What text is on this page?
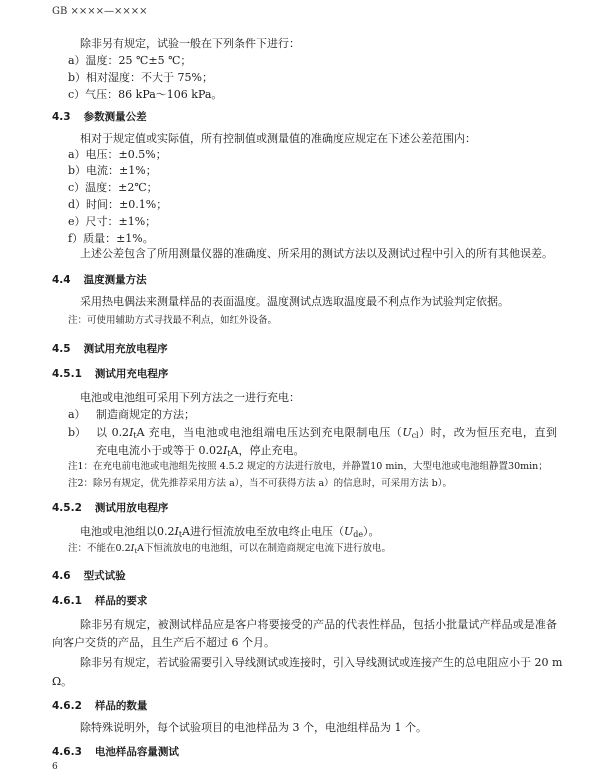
GB ××××—××××
除非另有规定，试验一般在下列条件下进行：
a）温度：25 ℃±5 ℃；
b）相对湿度：不大于 75%；
c）气压：86 kPa～106 kPa。
4.3 参数测量公差
相对于规定值或实际值，所有控制值或测量值的准确度应规定在下述公差范围内：
a）电压：±0.5%；
b）电流：±1%；
c）温度：±2℃；
d）时间：±0.1%；
e）尺寸：±1%；
f）质量：±1%。
上述公差包含了所用测量仪器的准确度、所采用的测试方法以及测试过程中引入的所有其他误差。
4.4 温度测量方法
采用热电偶法来测量样品的表面温度。温度测试点选取温度最不利点作为试验判定依据。
注：可使用辅助方式寻找最不利点，如红外设备。
4.5 测试用充放电程序
4.5.1 测试用充电程序
电池或电池组可采用下列方法之一进行充电：
a） 制造商规定的方法；
b） 以 $0.2I_tA$ 充电，当电池或电池组端电压达到充电限制电压$(U_{cl})$时，改为恒压充电，直到
充电电流小于或等于 $0.02I_tA$，停止充电。
注1：在充电前电池或电池组先按照 4.5.2 规定的方法进行放电，并静置10 min，大型电池或电池组静置30min；
注2：除另有规定，优先推荐采用方法 a），当不可获得方法 a）的信息时，可采用方法 b）。
4.5.2 测试用放电程序
电池或电池组以$0.2I_tA$进行恒流放电至放电终止电压$(U_{de})$。
注：不能在$0.2I_tA$下恒流放电的电池组，可以在制造商规定电流下进行放电。
4.6 型式试验
4.6.1 样品的要求
除非另有规定，被测试样品应是客户将要接受的产品的代表性样品，包括小批量试产样品或是准备
向客户交货的产品，且生产后不超过 6 个月。
除非另有规定，若试验需要引入导线测试或连接时，引入导线测试或连接产生的总电阻应小于 20 m
Ω。
4.6.2 样品的数量
除特殊说明外，每个试验项目的电池样品为 3 个，电池组样品为 1 个。
4.6.3 电池样品容量测试
6
